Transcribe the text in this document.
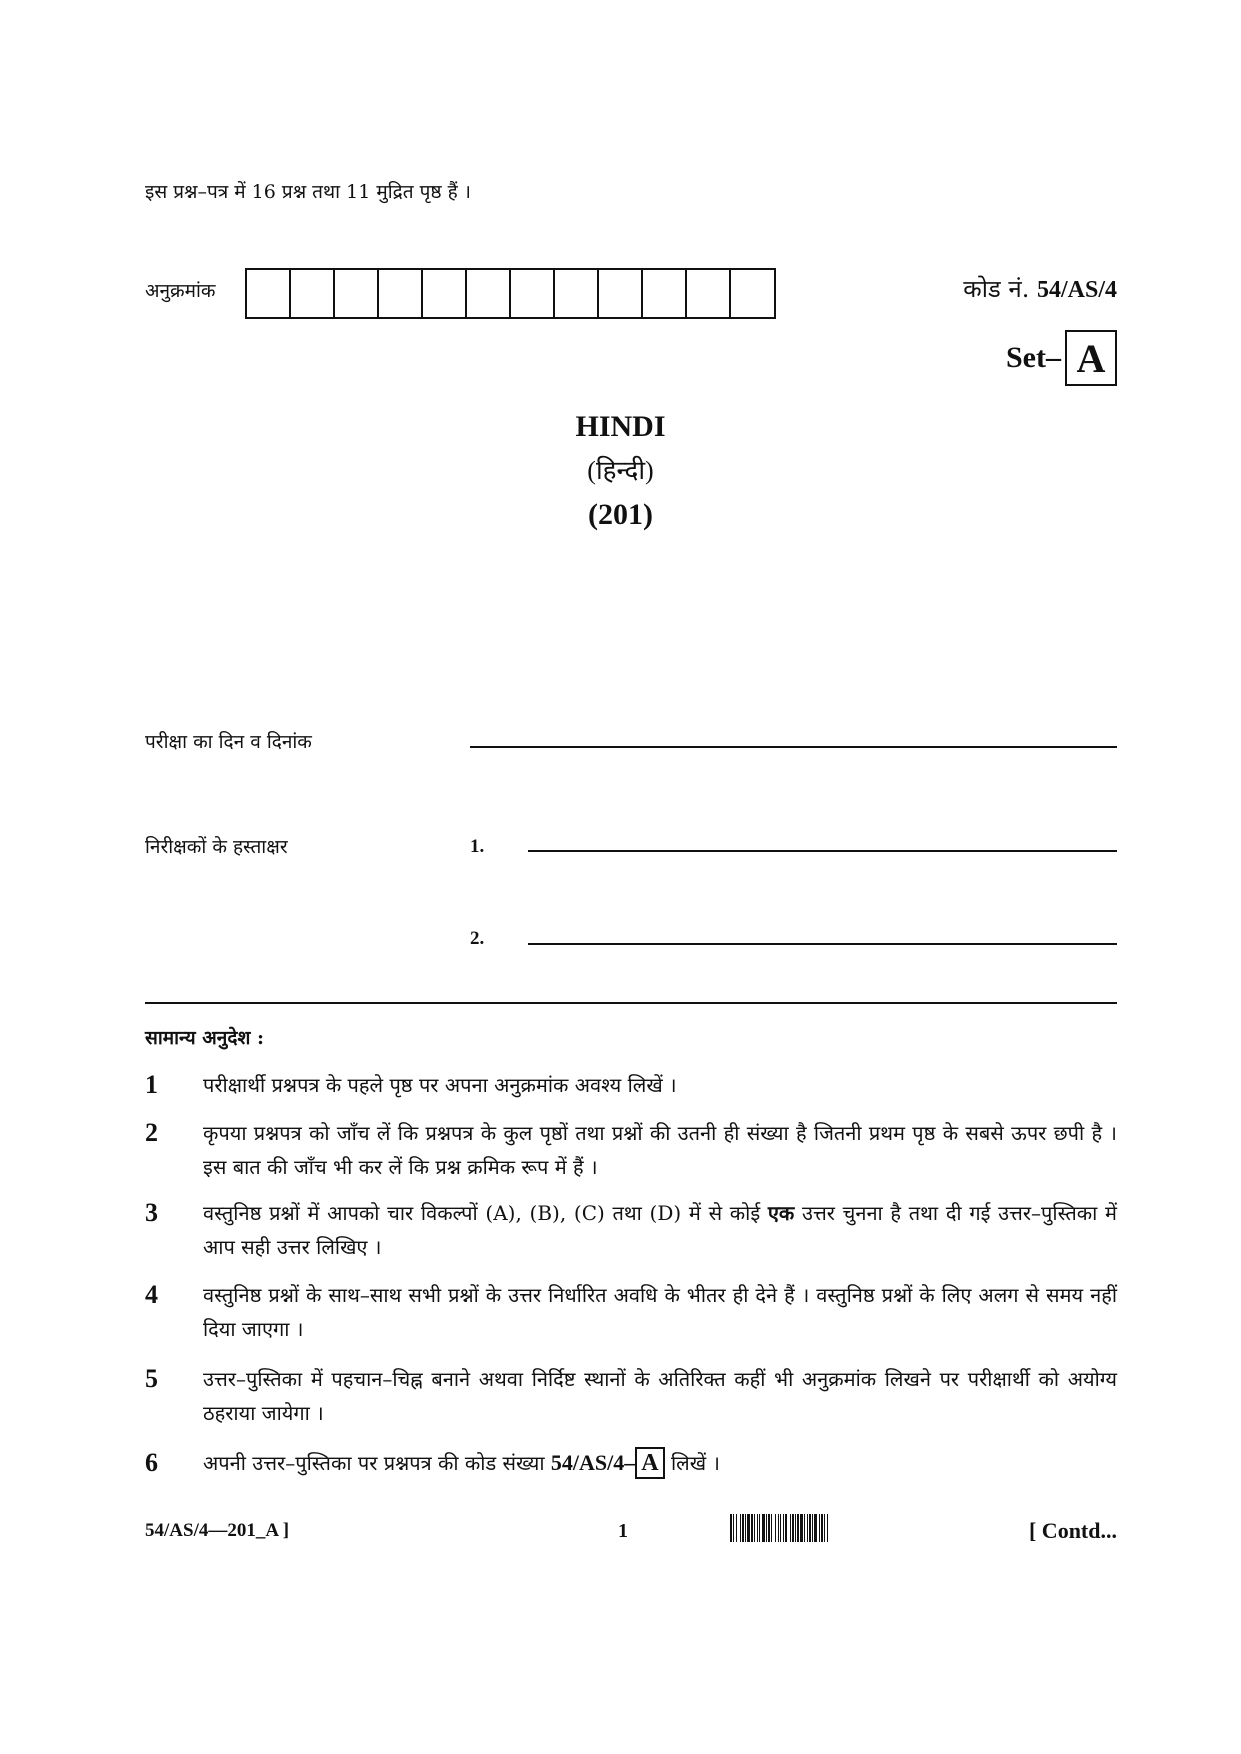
इस प्रश्न–पत्र में 16 प्रश्न तथा 11 मुद्रित पृष्ठ हैं ।
अनुक्रमांक	कोड नं. 54/AS/4
Set– A
HINDI
(हिन्दी)
(201)
परीक्षा का दिन व दिनांक
निरीक्षकों के हस्ताक्षर	1.
2.
सामान्य अनुदेश :
1	परीक्षार्थी प्रश्नपत्र के पहले पृष्ठ पर अपना अनुक्रमांक अवश्य लिखें ।
2	कृपया प्रश्नपत्र को जाँच लें कि प्रश्नपत्र के कुल पृष्ठों तथा प्रश्नों की उतनी ही संख्या है जितनी प्रथम पृष्ठ के सबसे ऊपर छपी है । इस बात की जाँच भी कर लें कि प्रश्न क्रमिक रूप में हैं ।
3	वस्तुनिष्ठ प्रश्नों में आपको चार विकल्पों (A), (B), (C) तथा (D) में से कोई एक उत्तर चुनना है तथा दी गई उत्तर–पुस्तिका में आप सही उत्तर लिखिए ।
4	वस्तुनिष्ठ प्रश्नों के साथ–साथ सभी प्रश्नों के उत्तर निर्धारित अवधि के भीतर ही देने हैं । वस्तुनिष्ठ प्रश्नों के लिए अलग से समय नहीं दिया जाएगा ।
5	उत्तर–पुस्तिका में पहचान–चिह्न बनाने अथवा निर्दिष्ट स्थानों के अतिरिक्त कहीं भी अनुक्रमांक लिखने पर परीक्षार्थी को अयोग्य ठहराया जायेगा ।
6	अपनी उत्तर–पुस्तिका पर प्रश्नपत्र की कोड संख्या 54/AS/4– A लिखें ।
54/AS/4—201_A ]	1	[ Contd...
